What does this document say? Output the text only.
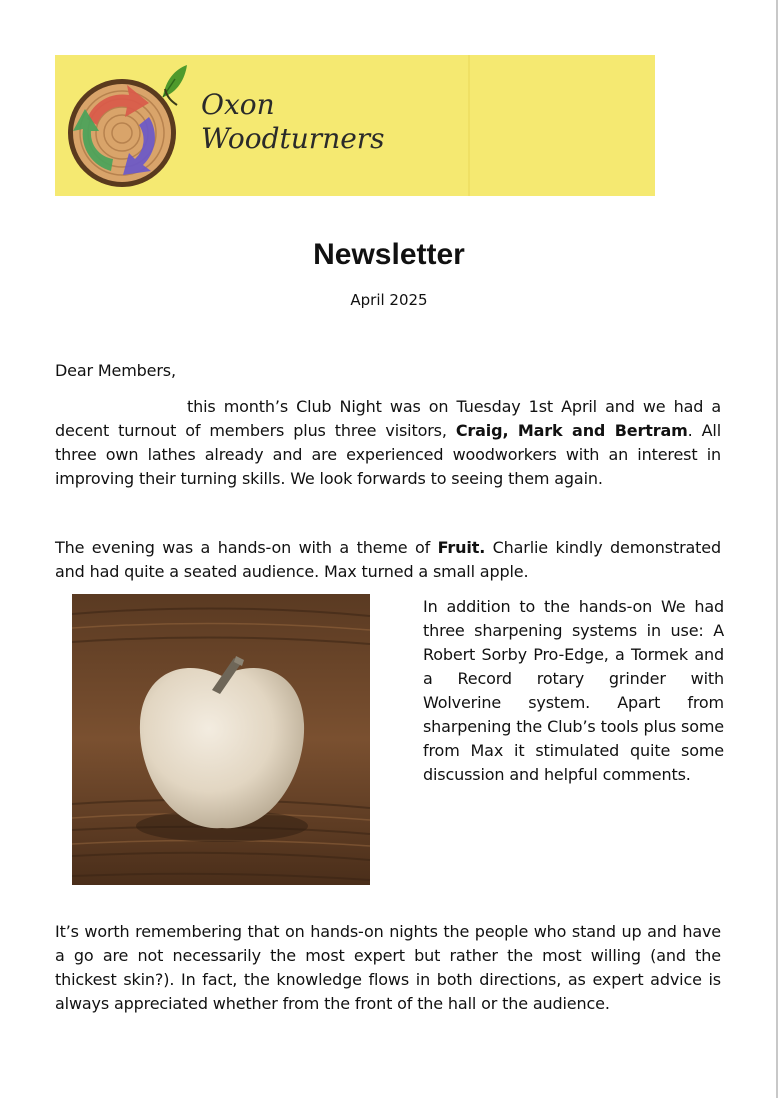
Oxon
Woodturners
Newsletter
April 2025

Dear Members,

this month’s Club Night was on Tuesday 1st April and we had a decent turnout of members plus three visitors, Craig, Mark and Bertram. All three own lathes already and are experienced woodworkers with an interest in improving their turning skills. We look forwards to seeing them again.

The evening was a hands-on with a theme of Fruit. Charlie kindly demonstrated and had quite a seated audience. Max turned a small apple.

In addition to the hands-on We had three sharpening systems in use: A Robert Sorby Pro-Edge, a Tormek and a Record rotary grinder with Wolverine system. Apart from sharpening the Club’s tools plus some from Max it stimulated quite some discussion and helpful comments.

It’s worth remembering that on hands-on nights the people who stand up and have a go are not necessarily the most expert but rather the most willing (and the thickest skin?). In fact, the knowledge flows in both directions, as expert advice is always appreciated whether from the front of the hall or the audience.
